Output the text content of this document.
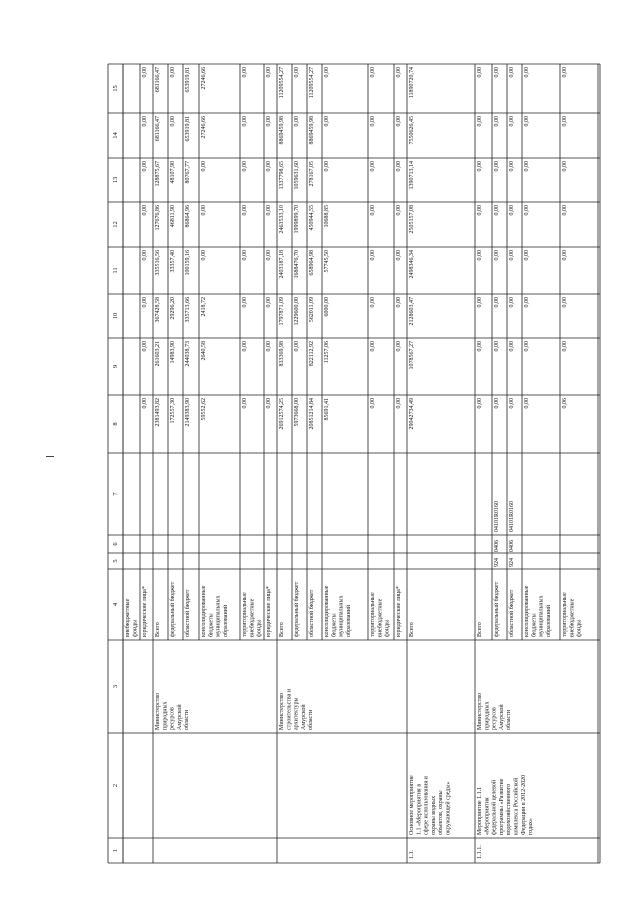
1
2
3
4
5
6
7
8
9
10
11
12
13
14
15
внебюджетные фонды юридические лица*
0,00
0,00
0,00
0,00
0,00
0,00
0,00
0,00
Министерство природных ресурсов Амурской области
Всего
2381493,82
261603,21
367428,58
335516,56
127676,86
128875,67
681166,47
681166,47
федеральный бюджет
172557,30
14983,90
29296,20
33357,40
46811,90
48107,90
0,00
0,00
областной бюджет
2149383,90
244038,73
335713,66
100159,16
86864,96
80767,77
653919,81
653919,81
консолидированные бюджеты муниципальных образований
59552,62
2640,58
2418,72
0,00
0,00
0,00
27246,66
27246,66
территориальные внебюджетные фонды
0,00
0,00
0,00
0,00
0,00
0,00
0,00
0,00
юридические лица*
0,00
0,00
0,00
0,00
0,00
0,00
0,00
0,00
Министерство строительства и архитектуры Амурской области
Всего
26912574,25
833369,98
1797871,09
2403187,18
2463533,10
1337798,65
8869459,98
11209554,27
федеральный бюджет
5973668,00
0,00
1229600,00
1688476,70
1999899,70
1059631,60
0,00
0,00
областной бюджет
20851214,84
822112,92
562011,09
658964,98
450944,55
278167,05
8869459,98
11209554,27
консолидированные бюджеты муниципальных образований
85691,41
11257,06
6000,00
57745,50
10688,85
0,00
0,00
0,00
территориальные внебюджетные фонды
0,00
0,00
0,00
0,00
0,00
0,00
0,00
0,00
юридические лица*
0,00
0,00
0,00
0,00
0,00
0,00
0,00
0,00
1.1.
Основное мероприятие 1.1 «Мероприятия в сфере использования и охраны водных объектов, охраны окружающей среды»
Всего
29042734,49
1078567,27
2128603,47
2498346,34
2505157,08
1390713,14
7550626,45
11890720,74
1.1.1.
Мероприятие 1.1.1 «Мероприятия федеральной целевой программы «Развитие водохозяйственного комплекса Российской Федерации в 2012-2020 годах»
Министерство природных ресурсов Амурской области
Всего
0,00
0,00
0,00
0,00
0,00
0,00
0,00
0,00
федеральный бюджет
924
0406
04101R0160
0,00
0,00
0,00
0,00
0,00
0,00
0,00
0,00
областной бюджет
924
0406
04101R0160
0,00
0,00
0,00
0,00
0,00
0,00
0,00
0,00
консолидированные бюджеты муниципальных образований
0,00
0,00
0,00
0,00
0,00
0,00
0,00
0,00
территориальные внебюджетные фонды
0,06
0,00
0,00
0,00
0,00
0,00
0,00
0,00
